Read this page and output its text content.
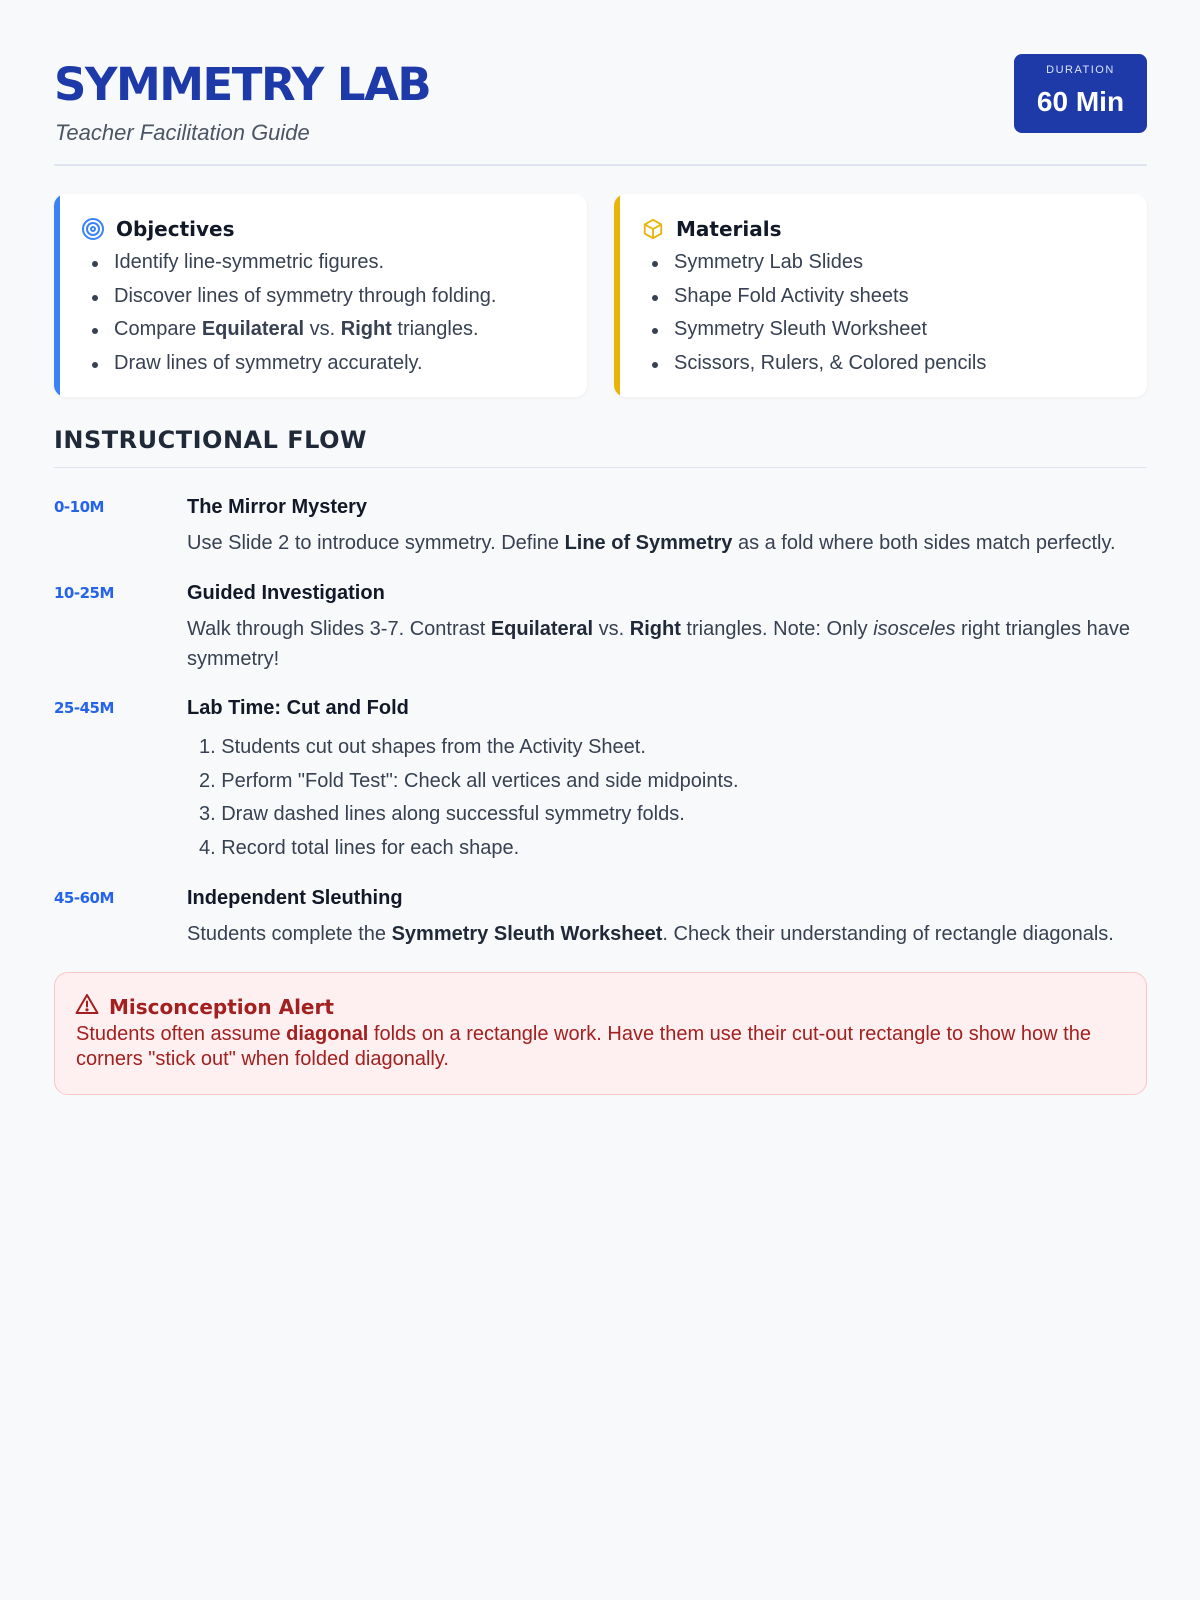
SYMMETRY LAB
Teacher Facilitation Guide
DURATION
60 Min
Objectives
Identify line-symmetric figures.
Discover lines of symmetry through folding.
Compare Equilateral vs. Right triangles.
Draw lines of symmetry accurately.
Materials
Symmetry Lab Slides
Shape Fold Activity sheets
Symmetry Sleuth Worksheet
Scissors, Rulers, & Colored pencils
INSTRUCTIONAL FLOW
0-10M	The Mirror Mystery
Use Slide 2 to introduce symmetry. Define Line of Symmetry as a fold where both sides match perfectly.
10-25M	Guided Investigation
Walk through Slides 3-7. Contrast Equilateral vs. Right triangles. Note: Only isosceles right triangles have symmetry!
25-45M	Lab Time: Cut and Fold
1. Students cut out shapes from the Activity Sheet.
2. Perform "Fold Test": Check all vertices and side midpoints.
3. Draw dashed lines along successful symmetry folds.
4. Record total lines for each shape.
45-60M	Independent Sleuthing
Students complete the Symmetry Sleuth Worksheet. Check their understanding of rectangle diagonals.
Misconception Alert
Students often assume diagonal folds on a rectangle work. Have them use their cut-out rectangle to show how the corners "stick out" when folded diagonally.
